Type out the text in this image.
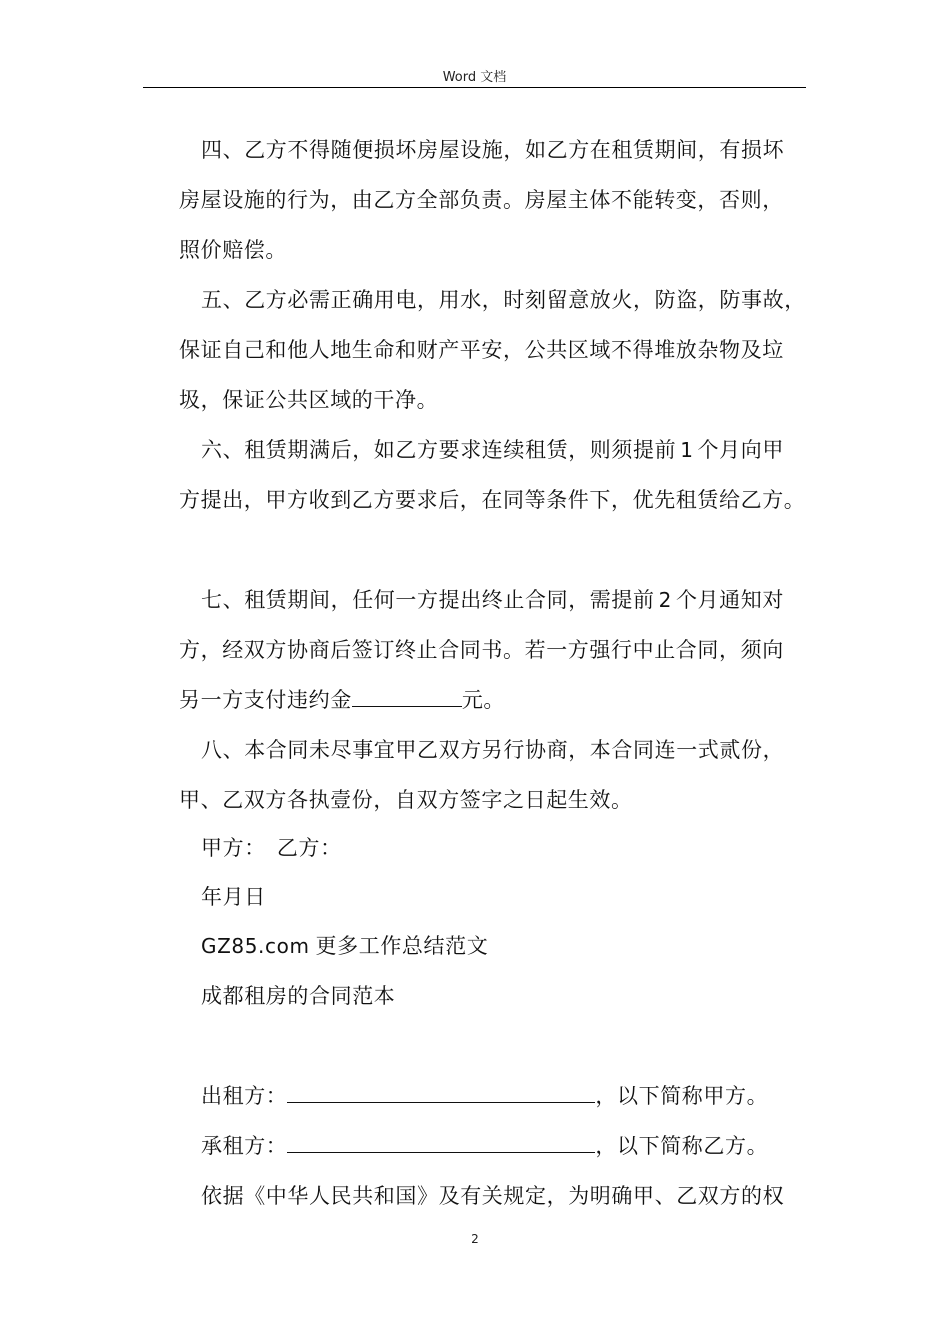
Word 文档
四、乙方不得随便损坏房屋设施，如乙方在租赁期间，有损坏
房屋设施的行为，由乙方全部负责。房屋主体不能转变，否则，
照价赔偿。
五、乙方必需正确用电，用水，时刻留意放火，防盗，防事故，
保证自己和他人地生命和财产平安，公共区域不得堆放杂物及垃
圾，保证公共区域的干净。
六、租赁期满后，如乙方要求连续租赁，则须提前 1 个月向甲
方提出，甲方收到乙方要求后，在同等条件下，优先租赁给乙方。
七、租赁期间，任何一方提出终止合同，需提前 2 个月通知对
方，经双方协商后签订终止合同书。若一方强行中止合同，须向
另一方支付违约金	元。
八、本合同未尽事宜甲乙双方另行协商，本合同连一式贰份，
甲、乙双方各执壹份，自双方签字之日起生效。
甲方：　乙方：
年月日
GZ85.com 更多工作总结范文
成都租房的合同范本
出租方：	，以下简称甲方。
承租方：	，以下简称乙方。
依据《中华人民共和国》及有关规定，为明确甲、乙双方的权
2
